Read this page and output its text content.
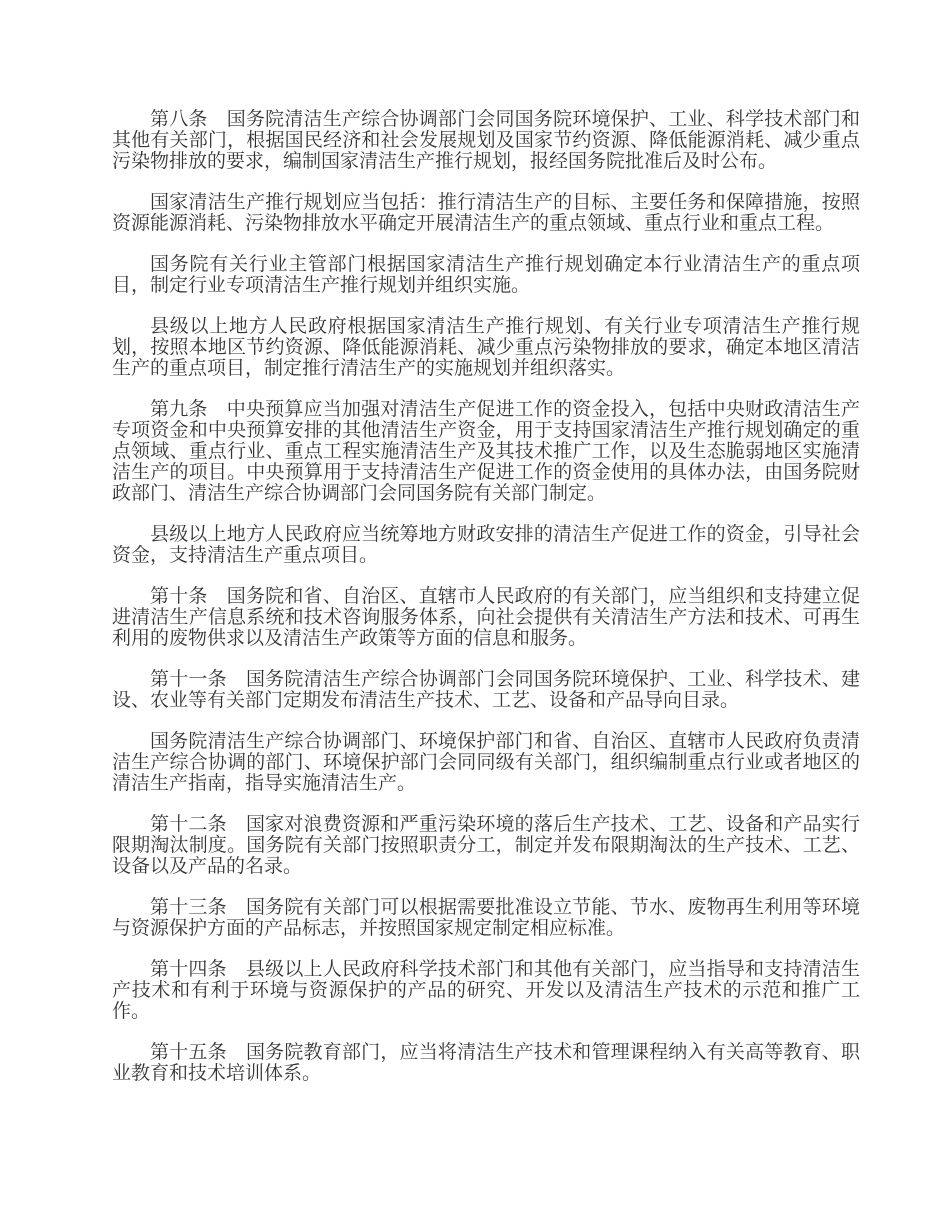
第八条　国务院清洁生产综合协调部门会同国务院环境保护、工业、科学技术部门和其他有关部门，根据国民经济和社会发展规划及国家节约资源、降低能源消耗、减少重点污染物排放的要求，编制国家清洁生产推行规划，报经国务院批准后及时公布。

国家清洁生产推行规划应当包括：推行清洁生产的目标、主要任务和保障措施，按照资源能源消耗、污染物排放水平确定开展清洁生产的重点领域、重点行业和重点工程。

国务院有关行业主管部门根据国家清洁生产推行规划确定本行业清洁生产的重点项目，制定行业专项清洁生产推行规划并组织实施。

县级以上地方人民政府根据国家清洁生产推行规划、有关行业专项清洁生产推行规划，按照本地区节约资源、降低能源消耗、减少重点污染物排放的要求，确定本地区清洁生产的重点项目，制定推行清洁生产的实施规划并组织落实。

第九条　中央预算应当加强对清洁生产促进工作的资金投入，包括中央财政清洁生产专项资金和中央预算安排的其他清洁生产资金，用于支持国家清洁生产推行规划确定的重点领域、重点行业、重点工程实施清洁生产及其技术推广工作，以及生态脆弱地区实施清洁生产的项目。中央预算用于支持清洁生产促进工作的资金使用的具体办法，由国务院财政部门、清洁生产综合协调部门会同国务院有关部门制定。

县级以上地方人民政府应当统筹地方财政安排的清洁生产促进工作的资金，引导社会资金，支持清洁生产重点项目。

第十条　国务院和省、自治区、直辖市人民政府的有关部门，应当组织和支持建立促进清洁生产信息系统和技术咨询服务体系，向社会提供有关清洁生产方法和技术、可再生利用的废物供求以及清洁生产政策等方面的信息和服务。

第十一条　国务院清洁生产综合协调部门会同国务院环境保护、工业、科学技术、建设、农业等有关部门定期发布清洁生产技术、工艺、设备和产品导向目录。

国务院清洁生产综合协调部门、环境保护部门和省、自治区、直辖市人民政府负责清洁生产综合协调的部门、环境保护部门会同同级有关部门，组织编制重点行业或者地区的清洁生产指南，指导实施清洁生产。

第十二条　国家对浪费资源和严重污染环境的落后生产技术、工艺、设备和产品实行限期淘汰制度。国务院有关部门按照职责分工，制定并发布限期淘汰的生产技术、工艺、设备以及产品的名录。

第十三条　国务院有关部门可以根据需要批准设立节能、节水、废物再生利用等环境与资源保护方面的产品标志，并按照国家规定制定相应标准。

第十四条　县级以上人民政府科学技术部门和其他有关部门，应当指导和支持清洁生产技术和有利于环境与资源保护的产品的研究、开发以及清洁生产技术的示范和推广工作。

第十五条　国务院教育部门，应当将清洁生产技术和管理课程纳入有关高等教育、职业教育和技术培训体系。
